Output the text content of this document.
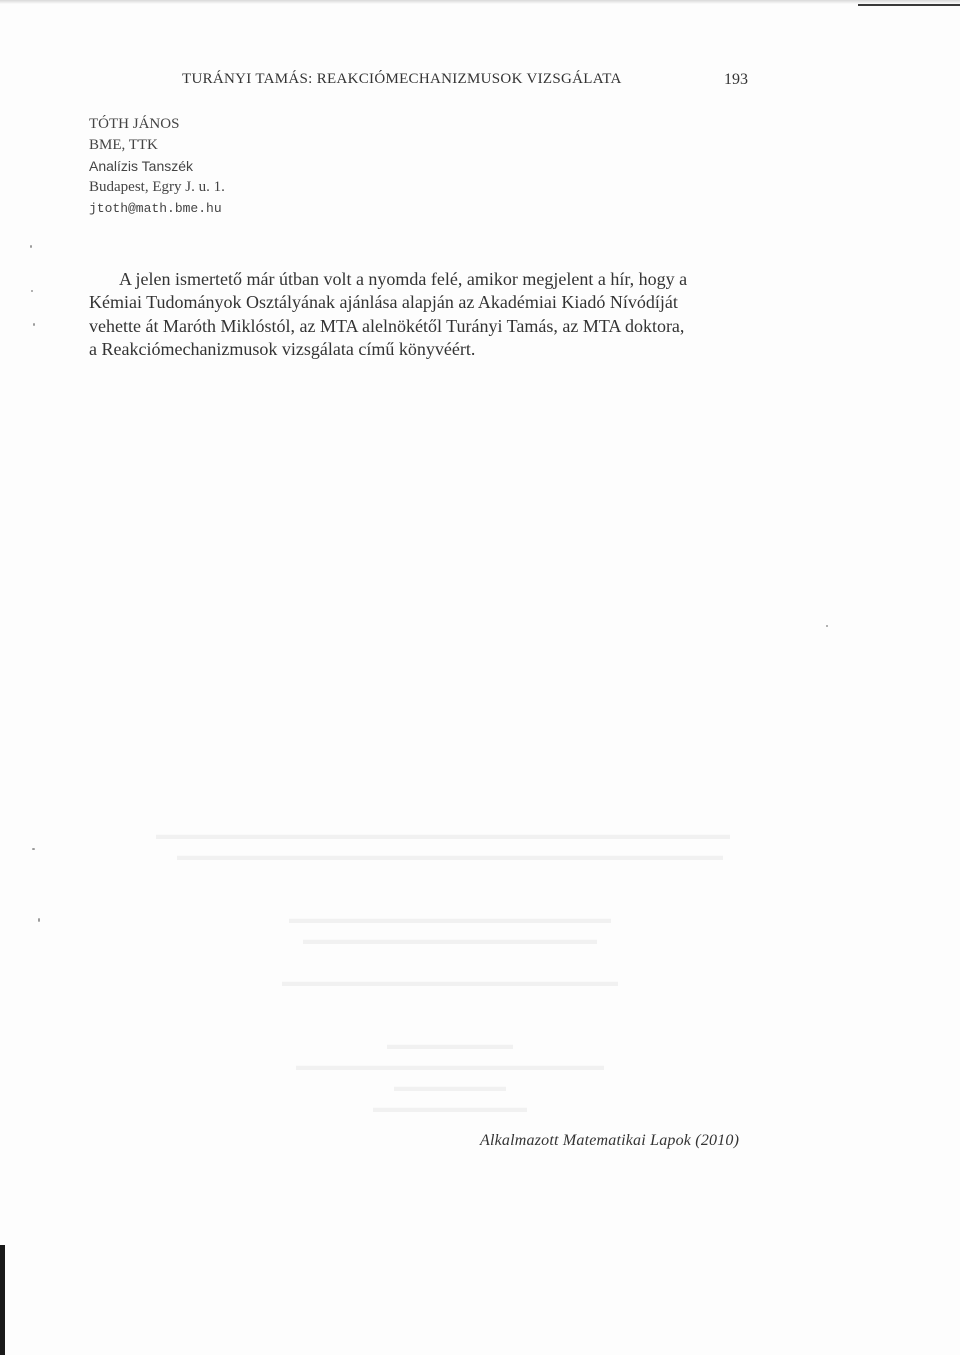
TURÁNYI TAMÁS: REAKCIÓMECHANIZMUSOK VIZSGÁLATA	193
TÓTH JÁNOS
BME, TTK
Analízis Tanszék
Budapest, Egry J. u. 1.
jtoth@math.bme.hu
A jelen ismertető már útban volt a nyomda felé, amikor megjelent a hír, hogy a
Kémiai Tudományok Osztályának ajánlása alapján az Akadémiai Kiadó Nívódíját
vehette át Maróth Miklóstól, az MTA alelnökétől Turányi Tamás, az MTA doktora,
a Reakciómechanizmusok vizsgálata című könyvéért.
▬▬▬▬▬▬▬▬▬▬▬▬▬▬▬▬▬▬▬▬▬▬▬▬▬▬▬▬▬▬▬▬▬▬▬▬▬▬▬▬▬
▬▬▬▬▬▬▬▬▬▬▬▬▬▬▬▬▬▬▬▬▬▬▬▬▬▬▬▬▬▬▬▬▬▬▬▬▬▬▬

▬▬▬▬▬▬▬▬▬▬▬▬▬▬▬▬▬▬▬▬▬▬▬
▬▬▬▬▬▬▬▬▬▬▬▬▬▬▬▬▬▬▬▬▬

▬▬▬▬▬▬▬▬▬▬▬▬▬▬▬▬▬▬▬▬▬▬▬▬

▬▬▬▬▬▬▬▬▬
▬▬▬▬▬▬▬▬▬▬▬▬▬▬▬▬▬▬▬▬▬▬
▬▬▬▬▬▬▬▬
▬▬▬▬▬▬▬▬▬▬▬
Alkalmazott Matematikai Lapok (2010)
